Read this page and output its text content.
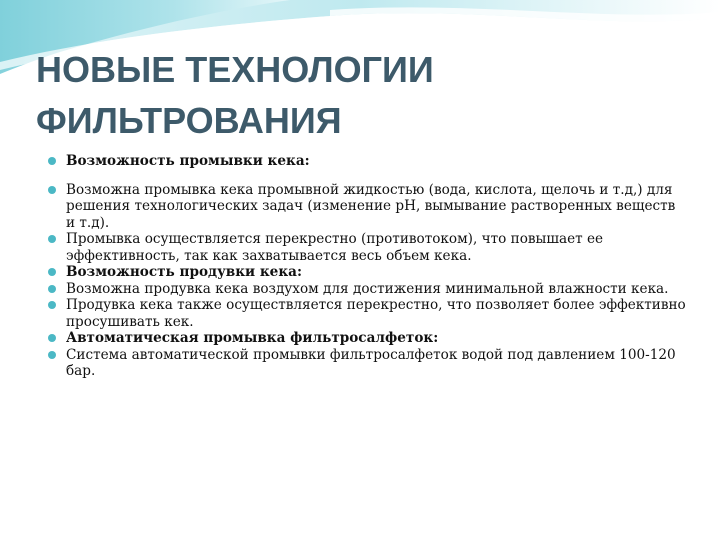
НОВЫЕ ТЕХНОЛОГИИ
ФИЛЬТРОВАНИЯ
Возможность промывки кека:
Возможна промывка кека промывной жидкостью (вода, кислота, щелочь и т.д,) для решения технологических задач (изменение pH, вымывание растворенных веществ и т.д).
Промывка осуществляется перекрестно (противотоком), что повышает ее эффективность, так как захватывается весь объем кека.
Возможность продувки кека:
Возможна продувка кека воздухом для достижения минимальной влажности кека.
Продувка кека также осуществляется перекрестно, что позволяет более эффективно просушивать кек.
Автоматическая промывка фильтросалфеток:
Система автоматической промывки фильтросалфеток водой под давлением 100-120 бар.
